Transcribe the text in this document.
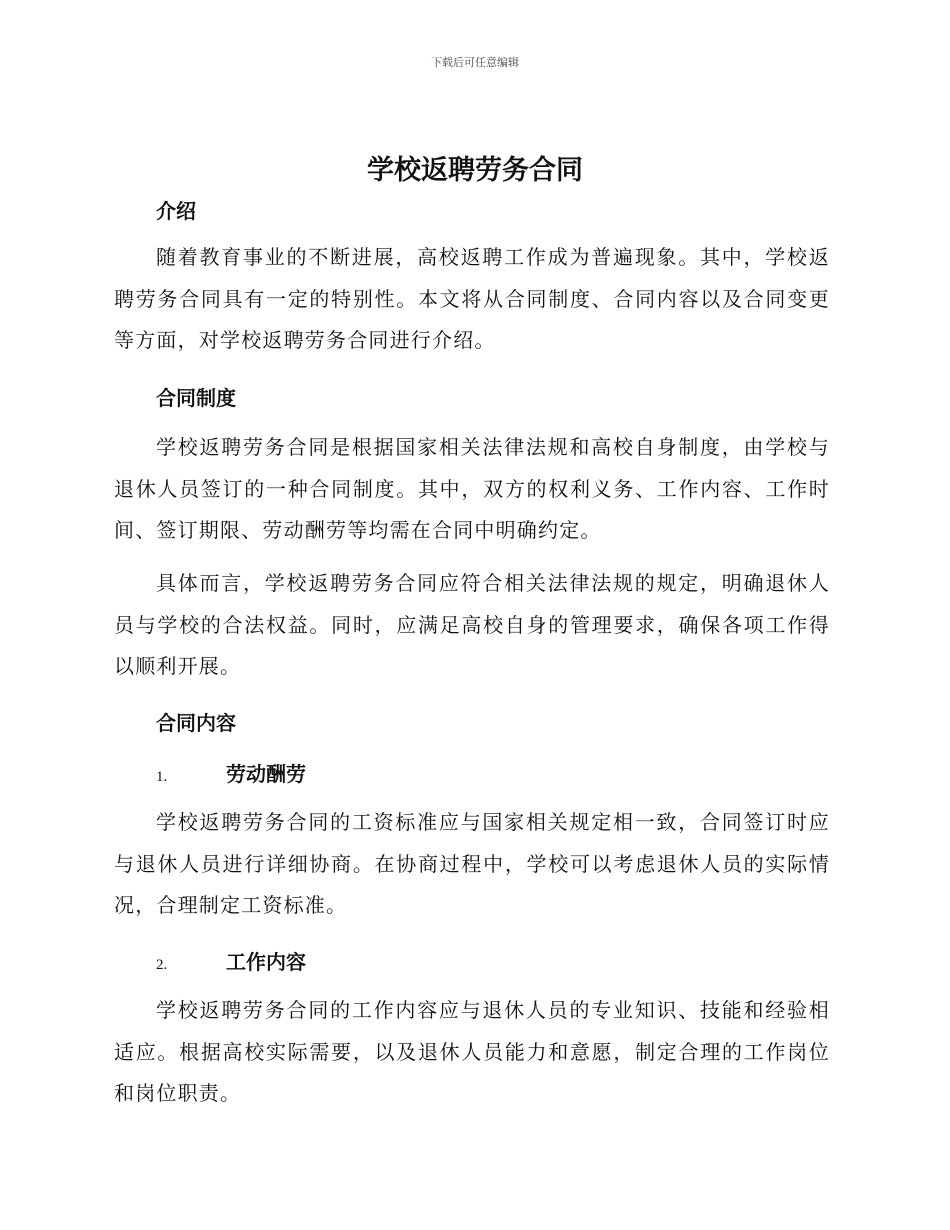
下载后可任意编辑
学校返聘劳务合同
介绍

随着教育事业的不断进展，高校返聘工作成为普遍现象。其中，学校返聘劳务合同具有一定的特别性。本文将从合同制度、合同内容以及合同变更等方面，对学校返聘劳务合同进行介绍。

合同制度

学校返聘劳务合同是根据国家相关法律法规和高校自身制度，由学校与退休人员签订的一种合同制度。其中，双方的权利义务、工作内容、工作时间、签订期限、劳动酬劳等均需在合同中明确约定。

具体而言，学校返聘劳务合同应符合相关法律法规的规定，明确退休人员与学校的合法权益。同时，应满足高校自身的管理要求，确保各项工作得以顺利开展。

合同内容
1.	劳动酬劳

学校返聘劳务合同的工资标准应与国家相关规定相一致，合同签订时应与退休人员进行详细协商。在协商过程中，学校可以考虑退休人员的实际情况，合理制定工资标准。

2.	工作内容

学校返聘劳务合同的工作内容应与退休人员的专业知识、技能和经验相适应。根据高校实际需要，以及退休人员能力和意愿，制定合理的工作岗位和岗位职责。
